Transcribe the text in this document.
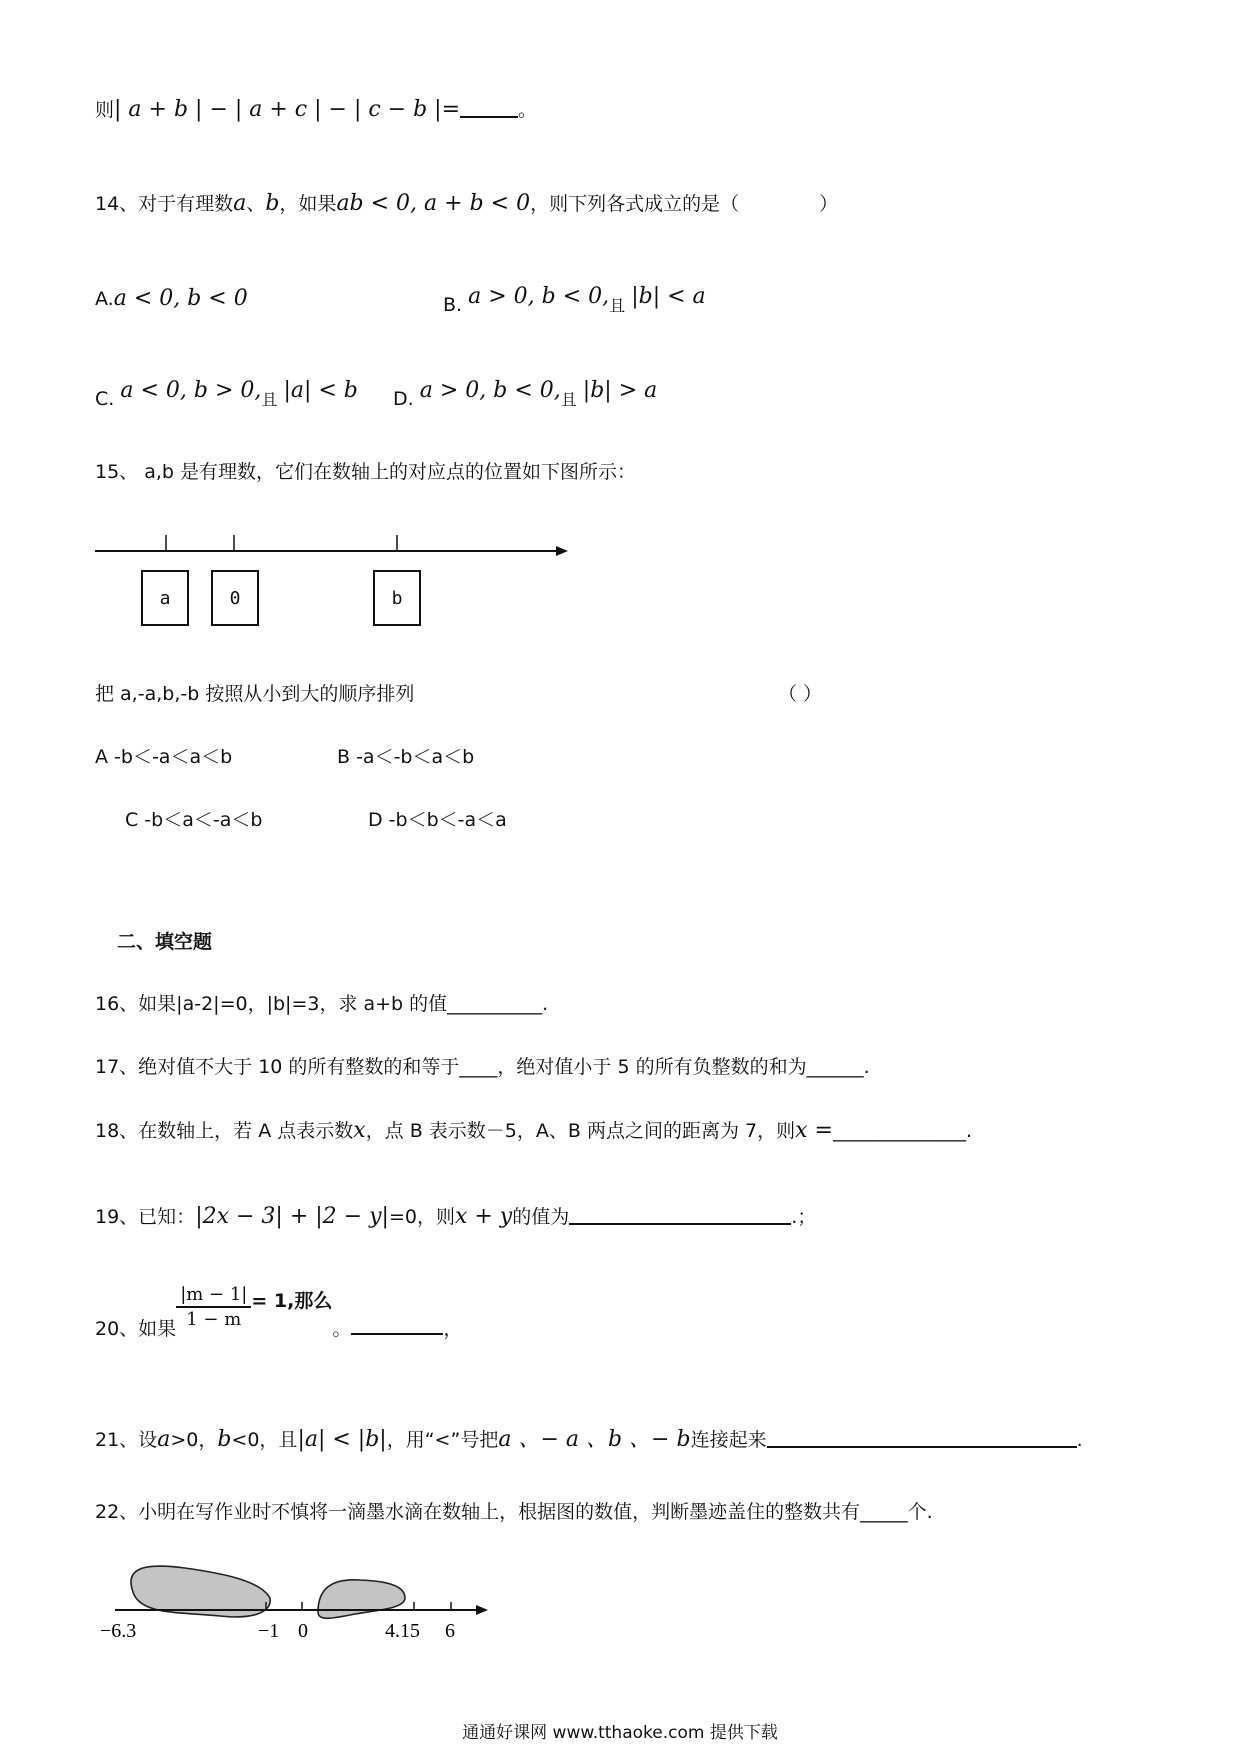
则| a + b | − | a + c | − | c − b |=	。
14、对于有理数a、b，如果ab < 0, a + b < 0，则下列各式成立的是（	）
A.a < 0, b < 0	B. a > 0, $b < 0,_且$ |b| < a
C. a < 0, $b > 0,_且$ |a| < b D. a > 0, $b < 0,_且$ |b| > a
15、 a,b 是有理数，它们在数轴上的对应点的位置如下图所示：
a	0	b
把 a,-a,b,-b 按照从小到大的顺序排列	（ ）
A -b＜-a＜a＜b	B -a＜-b＜a＜b
C -b＜a＜-a＜b	D -b＜b＜-a＜a
二、填空题
16、如果|a-2|=0，|b|=3，求 a+b 的值__________.
17、绝对值不大于 10 的所有整数的和等于____，绝对值小于 5 的所有负整数的和为______.
18、在数轴上，若 A 点表示数x，点 B 表示数－5，A、B 两点之间的距离为 7，则x =______________.
19、已知：|2x − 3| + |2 − y|=0，则x + y的值为	.；
20、如果 $\frac{|m - 1|}{1 - m} = 1$,那么。	，
21、设a>0，b<0，且|a| < |b|，用“<”号把a 、− a 、b 、− b连接起来	.
22、小明在写作业时不慎将一滴墨水滴在数轴上，根据图的数值，判断墨迹盖住的整数共有_____个.
−6.3	−1 0	4.15 6
通通好课网 www.tthaoke.com 提供下载
